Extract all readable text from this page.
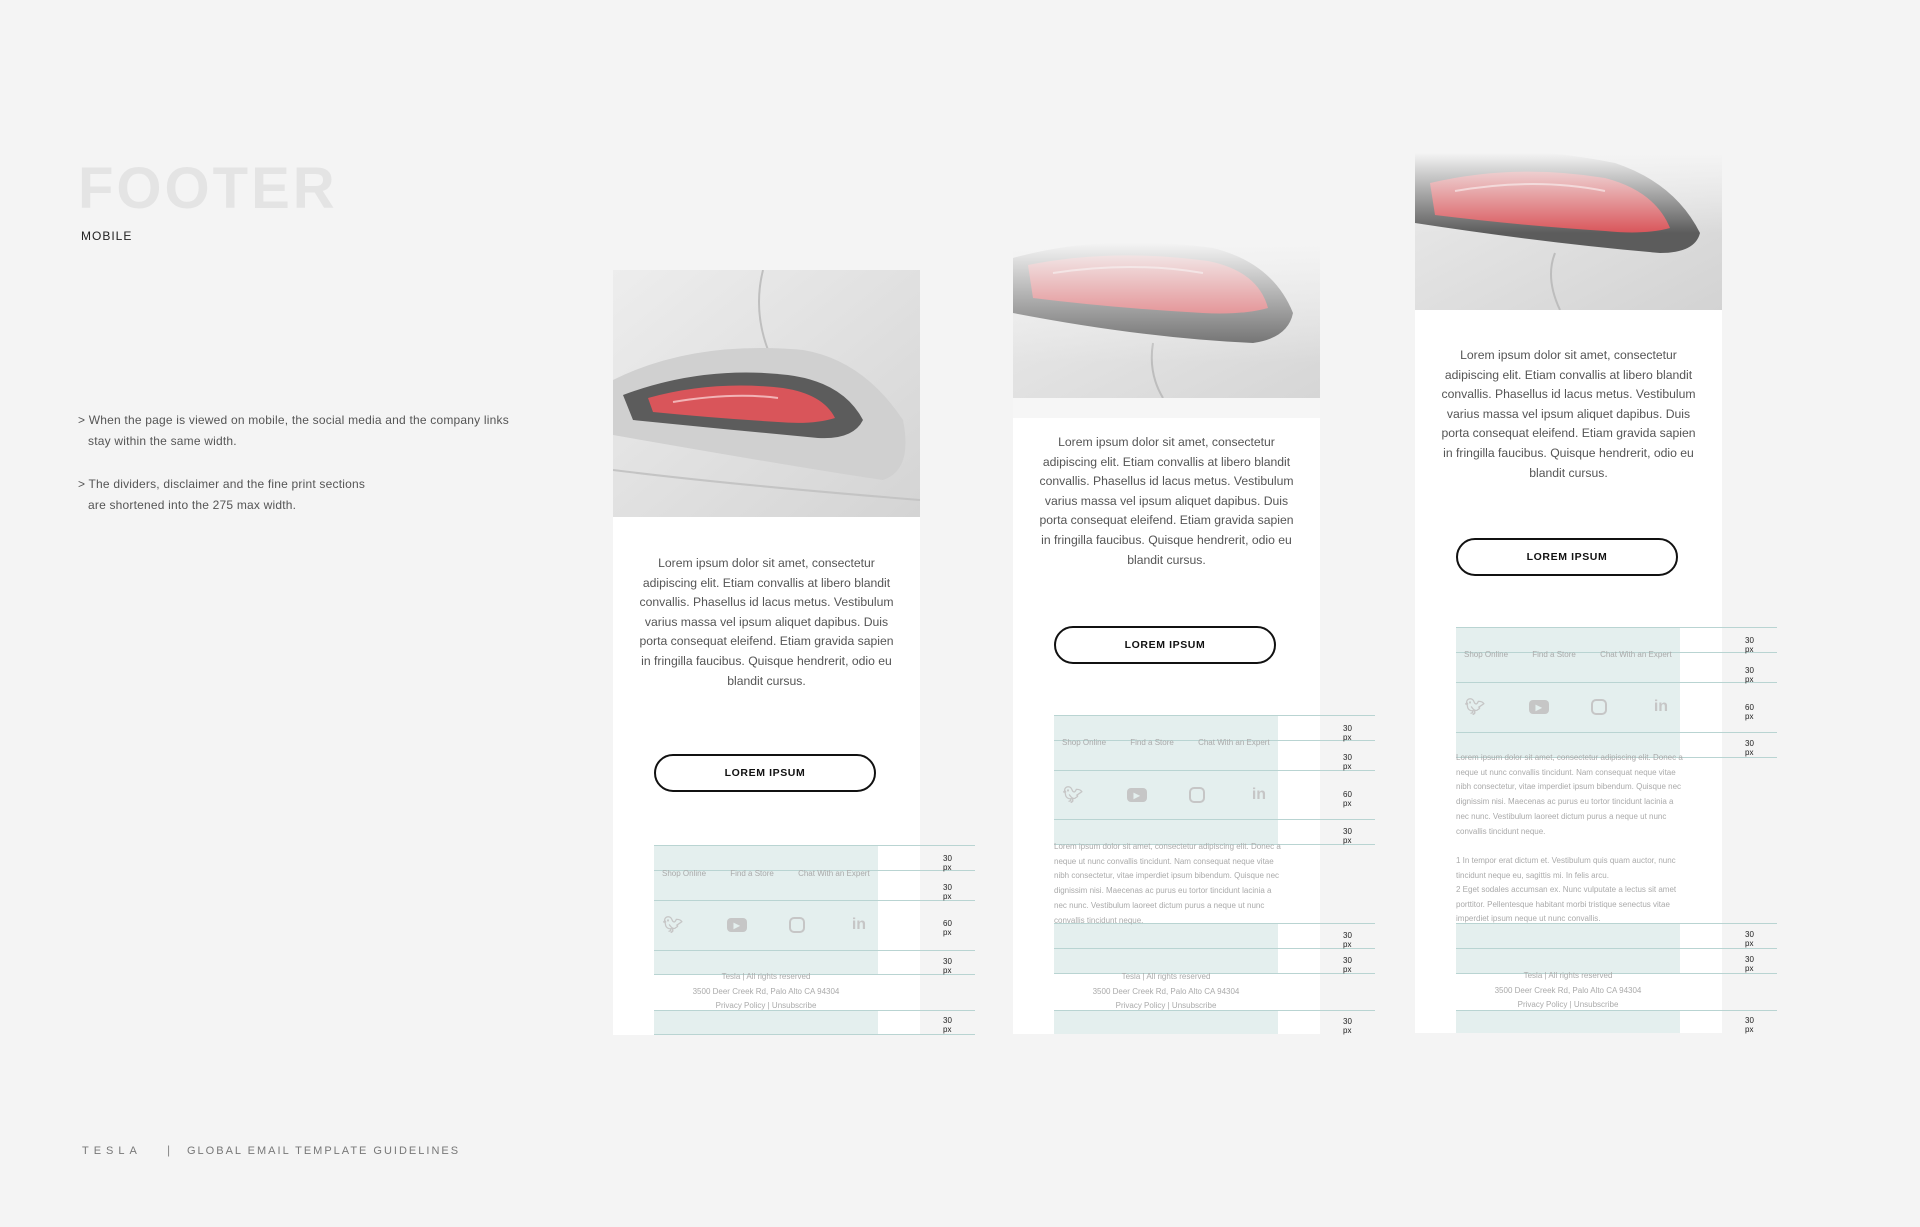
FOOTER
MOBILE
> When the page is viewed on mobile, the social media and the company links
stay within the same width.
> The dividers, disclaimer and the fine print sections
are shortened into the 275 max width.

Lorem ipsum dolor sit amet, consectetur adipiscing elit. Etiam convallis at libero blandit convallis. Phasellus id lacus metus. Vestibulum varius massa vel ipsum aliquet dapibus. Duis porta consequat eleifend. Etiam gravida sapien in fringilla faucibus. Quisque hendrerit, odio eu blandit cursus.

LOREM IPSUM
30 px
30 px
60 px
30 px
30 px
Shop Online	Find a Store	Chat With an Expert
🐦︎	▶	in
Tesla | All rights reserved
3500 Deer Creek Rd, Palo Alto CA 94304
Privacy Policy | Unsubscribe

Lorem ipsum dolor sit amet, consectetur adipiscing elit. Etiam convallis at libero blandit convallis. Phasellus id lacus metus. Vestibulum varius massa vel ipsum aliquet dapibus. Duis porta consequat eleifend. Etiam gravida sapien in fringilla faucibus. Quisque hendrerit, odio eu blandit cursus.

LOREM IPSUM
30 px
30 px
60 px
30 px
30 px
30 px
30 px
Shop Online	Find a Store	Chat With an Expert
🐦︎	▶	in

Lorem ipsum dolor sit amet, consectetur adipiscing elit. Donec a neque ut nunc convallis tincidunt. Nam consequat neque vitae nibh consectetur, vitae imperdiet ipsum bibendum. Quisque nec dignissim nisi. Maecenas ac purus eu tortor tincidunt lacinia a nec nunc. Vestibulum laoreet dictum purus a neque ut nunc convallis tincidunt neque.

Tesla | All rights reserved
3500 Deer Creek Rd, Palo Alto CA 94304
Privacy Policy | Unsubscribe

Lorem ipsum dolor sit amet, consectetur adipiscing elit. Etiam convallis at libero blandit convallis. Phasellus id lacus metus. Vestibulum varius massa vel ipsum aliquet dapibus. Duis porta consequat eleifend. Etiam gravida sapien in fringilla faucibus. Quisque hendrerit, odio eu blandit cursus.

LOREM IPSUM
30 px
30 px
60 px
30 px
30 px
30 px
30 px
Shop Online	Find a Store	Chat With an Expert
🐦︎	▶	in

Lorem ipsum dolor sit amet, consectetur adipiscing elit. Donec a neque ut nunc convallis tincidunt. Nam consequat neque vitae nibh consectetur, vitae imperdiet ipsum bibendum. Quisque nec dignissim nisi. Maecenas ac purus eu tortor tincidunt lacinia a nec nunc. Vestibulum laoreet dictum purus a neque ut nunc convallis tincidunt neque.

1 In tempor erat dictum et. Vestibulum quis quam auctor, nunc tincidunt neque eu, sagittis mi. In felis arcu.

2 Eget sodales accumsan ex. Nunc vulputate a lectus sit amet porttitor. Pellentesque habitant morbi tristique senectus vitae imperdiet ipsum neque ut nunc convallis.

Tesla | All rights reserved
3500 Deer Creek Rd, Palo Alto CA 94304
Privacy Policy | Unsubscribe
TESLA | GLOBAL EMAIL TEMPLATE GUIDELINES
